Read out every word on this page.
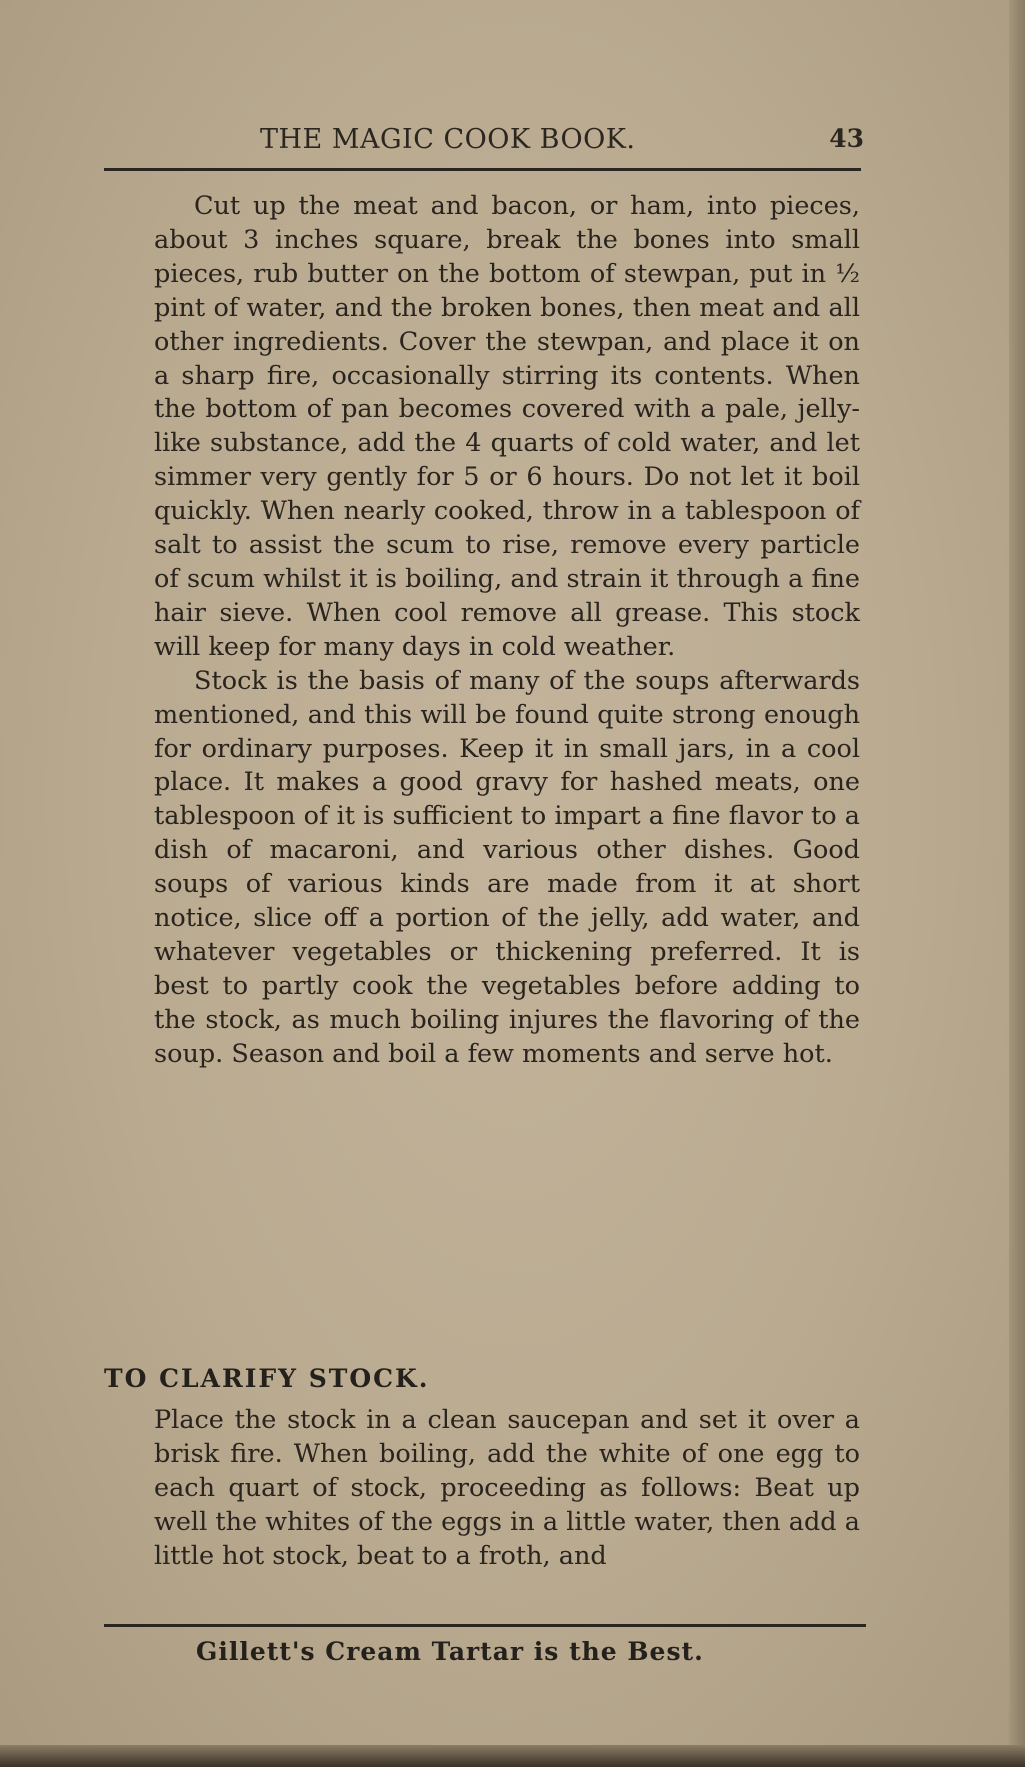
THE MAGIC COOK BOOK.	43

Cut up the meat and bacon, or ham, into pieces, about 3 inches square, break the bones into small pieces, rub butter on the bottom of stewpan, put in ½ pint of water, and the broken bones, then meat and all other ingredients. Cover the stewpan, and place it on a sharp fire, occasionally stirring its contents. When the bottom of pan becomes covered with a pale, jelly-like substance, add the 4 quarts of cold water, and let simmer very gently for 5 or 6 hours. Do not let it boil quickly. When nearly cooked, throw in a tablespoon of salt to assist the scum to rise, remove every particle of scum whilst it is boiling, and strain it through a fine hair sieve. When cool remove all grease. This stock will keep for many days in cold weather.

Stock is the basis of many of the soups afterwards mentioned, and this will be found quite strong enough for ordinary purposes. Keep it in small jars, in a cool place. It makes a good gravy for hashed meats, one tablespoon of it is sufficient to impart a fine flavor to a dish of macaroni, and various other dishes. Good soups of various kinds are made from it at short notice, slice off a portion of the jelly, add water, and whatever vegetables or thickening preferred. It is best to partly cook the vegetables before adding to the stock, as much boiling injures the flavoring of the soup. Season and boil a few moments and serve hot.

TO CLARIFY STOCK.

Place the stock in a clean saucepan and set it over a brisk fire. When boiling, add the white of one egg to each quart of stock, proceeding as follows: Beat up well the whites of the eggs in a little water, then add a little hot stock, beat to a froth, and

Gillett's Cream Tartar is the Best.
